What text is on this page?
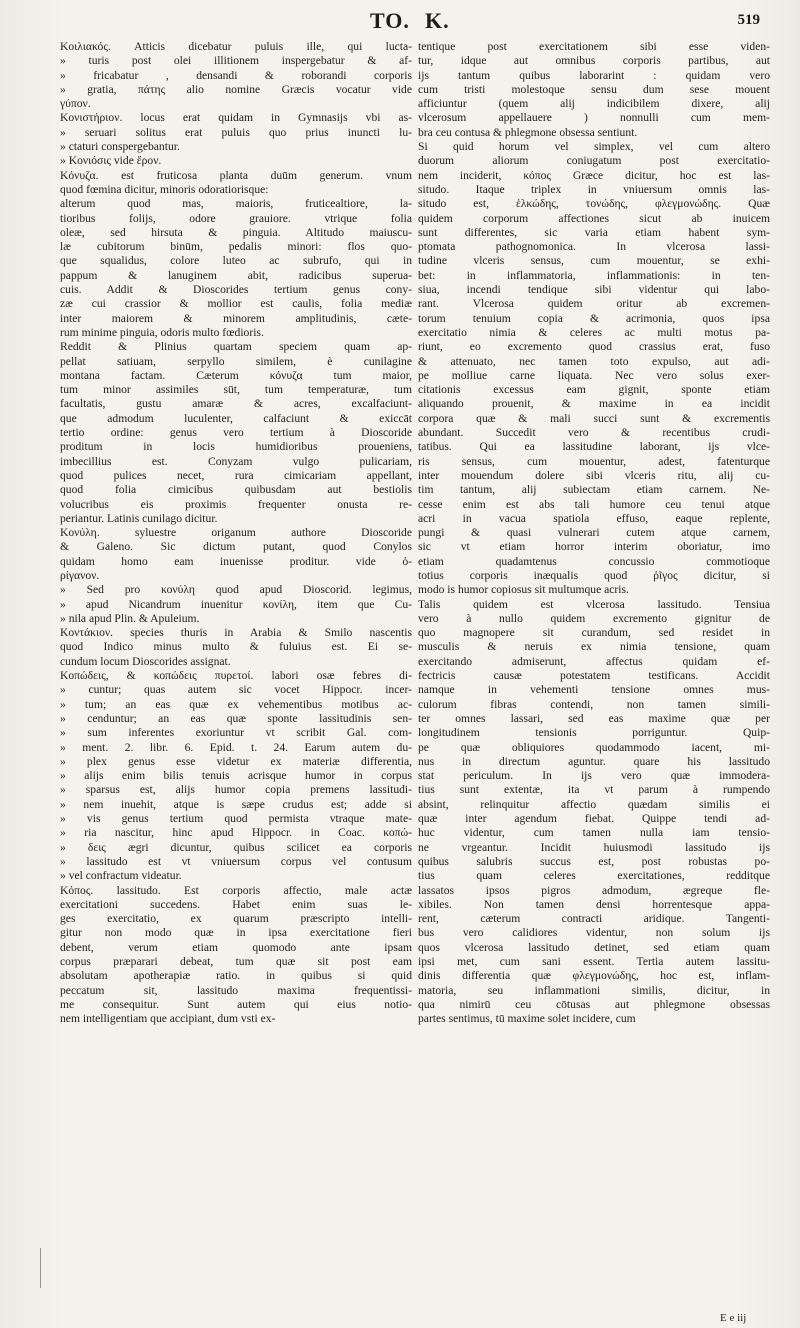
TO. K.	519
Κοιλιακός. Atticis dicebatur puluis ille, qui lucta-
» turis post olei illitionem inspergebatur & af-
» fricabatur , densandi & roborandi corporis
» gratia, πάτης alio nomine Græcis vocatur vide
γύπον.
Κονιστήριον. locus erat quidam in Gymnasijs vbi as-
» seruari solitus erat puluis quo prius inuncti lu-
» ctaturi conspergebantur.
» Κονιόσις vide ἔρον.
Κόνυζα. est fruticosa planta duūm generum. vnum
quod fœmina dicitur, minoris odoratiorisque:
alterum quod mas, maioris, fruticealtiore, la-
tioribus folijs, odore grauiore. vtrique folia
oleæ, sed hirsuta & pinguia. Altitudo maiuscu-
læ cubitorum binūm, pedalis minori: flos quo-
que squalidus, colore luteo ac subrufo, qui in
pappum & lanuginem abit, radicibus superua-
cuis. Addit & Dioscorides tertium genus cony-
zæ cui crassior & mollior est caulis, folia mediæ
inter maiorem & minorem amplitudinis, cæte-
rum minime pinguia, odoris multo fœdioris.
Reddit & Plinius quartam speciem quam ap-
pellat satiuam, serpyllo similem, è cunilagine
montana factam. Cæterum κόνυζα tum maior,
tum minor assimiles sūt, tum temperaturæ, tum
facultatis, gustu amaræ & acres, excalfaciunt-
que admodum luculenter, calfaciunt & exiccāt
tertio ordine: genus vero tertium à Dioscoride
proditum in locis humidioribus proueniens,
imbecillius est. Conyzam vulgo pulicariam,
quod pulices necet, rura cimicariam appellant,
quod folia cimicibus quibusdam aut bestiolis
volucribus eis proximis frequenter onusta re-
periantur. Latinis cunilago dicitur.
Κονύλη. syluestre origanum authore Dioscoride
& Galeno. Sic dictum putant, quod Conylos
quidam homo eam inuenisse proditur. vide ὀ-
ρίγανον.
» Sed pro κονύλη quod apud Dioscorid. legimus,
» apud Nicandrum inuenitur κονίλη, item que Cu-
» nila apud Plin. & Apuleium.
Κοντάκιον. species thuris in Arabia & Smilo nascentis
quod Indico minus multo & fuluius est. Ei se-
cundum locum Dioscorides assignat.
Κοπώδεις, & κοπώδεις πυρετοί. labori osæ febres di-
» cuntur; quas autem sic vocet Hippocr. incer-
» tum; an eas quæ ex vehementibus motibus ac-
» cenduntur; an eas quæ sponte lassitudinis sen-
» sum inferentes exoriuntur vt scribit Gal. com-
» ment. 2. libr. 6. Epid. t. 24. Earum autem du-
» plex genus esse videtur ex materiæ differentia,
» alijs enim bilis tenuis acrisque humor in corpus
» sparsus est, alijs humor copia premens lassitudi-
» nem inuehit, atque is sæpe crudus est; adde si
» vis genus tertium quod permista vtraque mate-
» ria nascitur, hinc apud Hippocr. in Coac. κοπώ-
» δεις ægri dicuntur, quibus scilicet ea corporis
» lassitudo est vt vniuersum corpus vel contusum
» vel confractum videatur.
Κόπος. lassitudo. Est corporis affectio, male actæ
exercitationi succedens. Habet enim suas le-
ges exercitatio, ex quarum præscripto intelli-
gitur non modo quæ in ipsa exercitatione fieri
debent, verum etiam quomodo ante ipsam
corpus præparari debeat, tum quæ sit post eam
absolutam apotherapiæ ratio. in quibus si quid
peccatum sit, lassitudo maxima frequentissi-
me consequitur. Sunt autem qui eius notio-
nem intelligentiam que accipiant, dum vsti ex-
tentique post exercitationem sibi esse viden-
tur, idque aut omnibus corporis partibus, aut
ijs tantum quibus laborarint : quidam vero
cum tristi molestoque sensu dum sese mouent
afficiuntur (quem alij indicibilem dixere, alij
vlcerosum appellauere ) nonnulli cum mem-
bra ceu contusa & phlegmone obsessa sentiunt.
Si quid horum vel simplex, vel cum altero
duorum aliorum coniugatum post exercitatio-
nem inciderit, κόπος Græce dicitur, hoc est las-
situdo. Itaque triplex in vniuersum omnis las-
situdo est, ἑλκώδης, τονώδης, φλεγμονώδης. Quæ
quidem corporum affectiones sicut ab inuicem
sunt differentes, sic varia etiam habent sym-
ptomata pathognomonica. In vlcerosa lassi-
tudine vlceris sensus, cum mouentur, se exhi-
bet: in inflammatoria, inflammationis: in ten-
siua, incendi tendique sibi videntur qui labo-
rant. Vlcerosa quidem oritur ab excremen-
torum tenuium copia & acrimonia, quos ipsa
exercitatio nimia & celeres ac multi motus pa-
riunt, eo excremento quod crassius erat, fuso
& attenuato, nec tamen toto expulso, aut adi-
pe molliue carne liquata. Nec vero solus exer-
citationis excessus eam gignit, sponte etiam
aliquando prouenit, & maxime in ea incidit
corpora quæ & mali succi sunt & excrementis
abundant. Succedit vero & recentibus crudi-
tatibus. Qui ea lassitudine laborant, ijs vlce-
ris sensus, cum mouentur, adest, fatenturque
inter mouendum dolere sibi vlceris ritu, alij cu-
tim tantum, alij subiectam etiam carnem. Ne-
cesse enim est abs tali humore ceu tenui atque
acri in vacua spatiola effuso, eaque replente,
pungi & quasi vulnerari cutem atque carnem,
sic vt etiam horror interim oboriatur, imo
etiam quadamtenus concussio commotioque
totius corporis inæqualis quod ῥῖγος dicitur, si
modo is humor copiosus sit multumque acris.
Talis quidem est vlcerosa lassitudo. Tensiua
vero à nullo quidem excremento gignitur de
quo magnopere sit curandum, sed residet in
musculis & neruis ex nimia tensione, quam
exercitando admiserunt, affectus quidam ef-
fectricis causæ potestatem testificans. Accidit
namque in vehementi tensione omnes mus-
culorum fibras contendi, non tamen simili-
ter omnes lassari, sed eas maxime quæ per
longitudinem tensionis porriguntur. Quip-
pe quæ obliquiores quodammodo iacent, mi-
nus in directum aguntur. quare his lassitudo
stat periculum. In ijs vero quæ immodera-
tius sunt extentæ, ita vt parum à rumpendo
absint, relinquitur affectio quædam similis ei
quæ inter agendum fiebat. Quippe tendi ad-
huc videntur, cum tamen nulla iam tensio-
ne vrgeantur. Incidit huiusmodi lassitudo ijs
quibus salubris succus est, post robustas po-
tius quam celeres exercitationes, redditque
lassatos ipsos pigros admodum, ægreque fle-
xibiles. Non tamen densi horrentesque appa-
rent, cæterum contracti aridique. Tangenti-
bus vero calidiores videntur, non solum ijs
quos vlcerosa lassitudo detinet, sed etiam quam
ipsi met, cum sani essent. Tertia autem lassitu-
dinis differentia quæ φλεγμονώδης, hoc est, inflam-
matoria, seu inflammationi similis, dicitur, in
qua nimirū ceu cōtusas aut phlegmone obsessas
partes sentimus, tū maxime solet incidere, cum
E e iij
